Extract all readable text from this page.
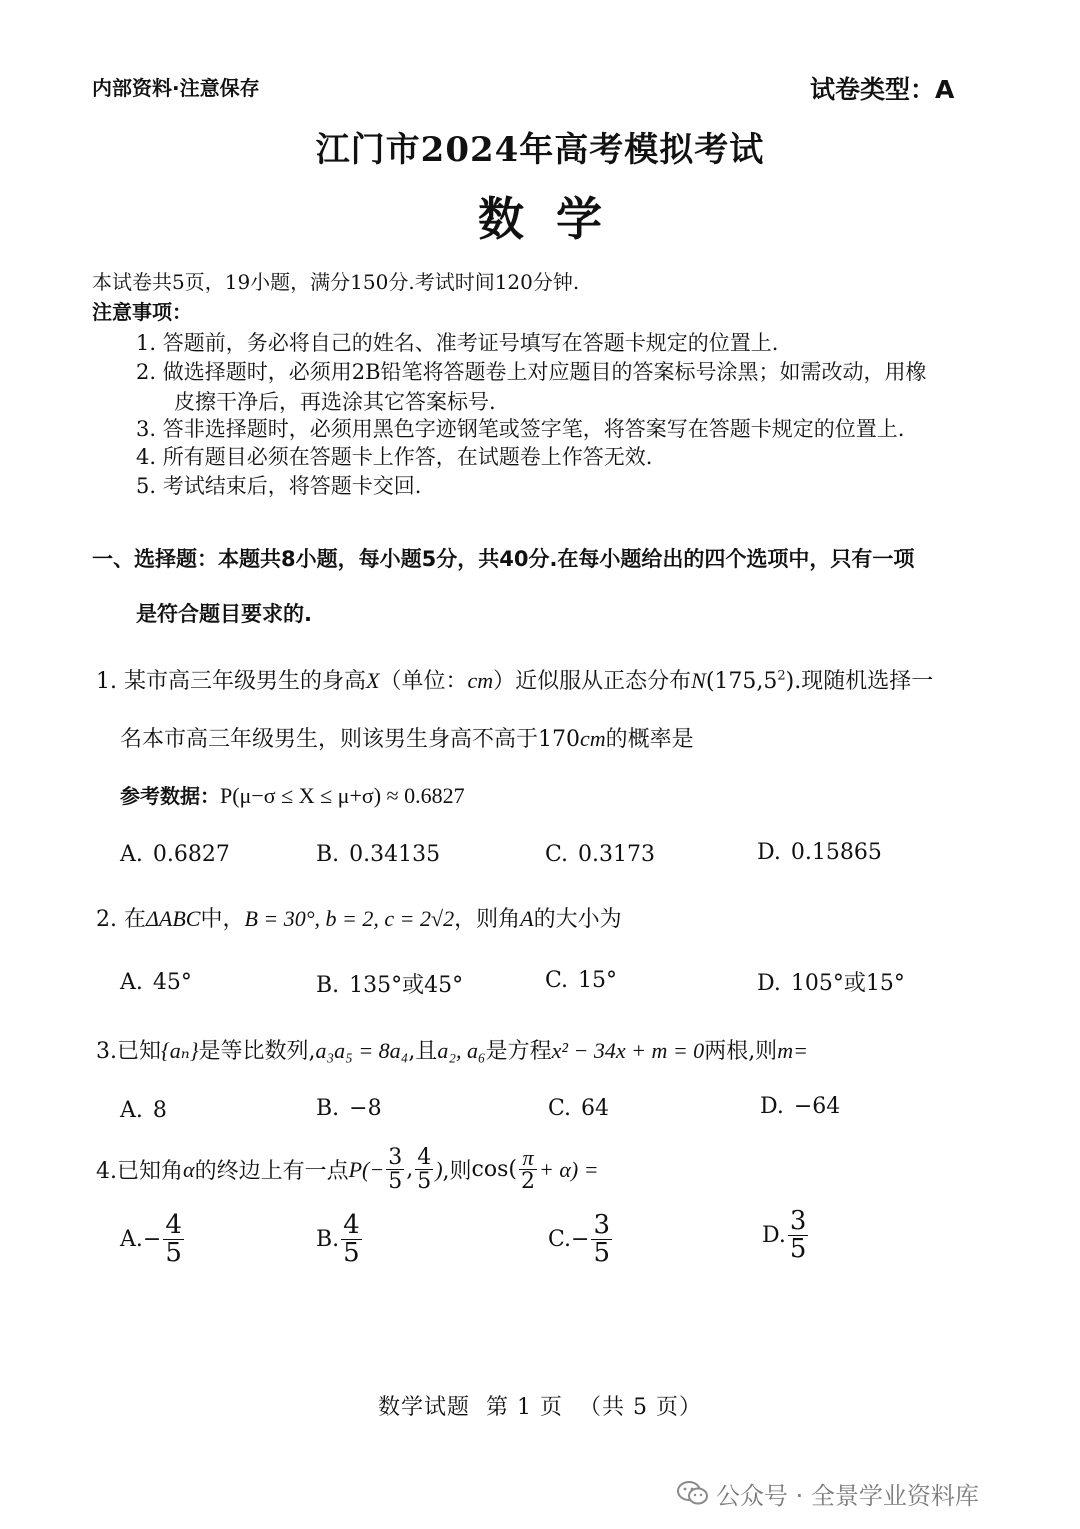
内部资料·注意保存	试卷类型：A
江门市2024年高考模拟考试
数  学
本试卷共5页，19小题，满分150分.考试时间120分钟.
注意事项：
1. 答题前，务必将自己的姓名、准考证号填写在答题卡规定的位置上.
2. 做选择题时，必须用2B铅笔将答题卷上对应题目的答案标号涂黑；如需改动，用橡
皮擦干净后，再选涂其它答案标号.
3. 答非选择题时，必须用黑色字迹钢笔或签字笔，将答案写在答题卡规定的位置上.
4. 所有题目必须在答题卡上作答，在试题卷上作答无效.
5. 考试结束后，将答题卡交回.
一、选择题：本题共8小题，每小题5分，共40分.在每小题给出的四个选项中，只有一项
是符合题目要求的.
1. 某市高三年级男生的身高X（单位：cm）近似服从正态分布N(175,5$^2$).现随机选择一
名本市高三年级男生，则该男生身高不高于170cm的概率是
参考数据：P(μ−σ ≤ X ≤ μ+σ) ≈ 0.6827
A. 0.6827	B. 0.34135	C. 0.3173	D. 0.15865
2. 在ΔABC中，B = 30°, b = 2, c = 2√2，则角A的大小为
A. 45°	B. 135°或45°	C. 15°	D. 105°或15°
3.已知{aₙ}是等比数列,a₃a₅ = 8a₄,且a₂, a₆是方程x² − 34x + m = 0两根,则m=
A. 8	B. −8	C. 64	D. −64
4.已知角 α 的终边上有一点 $P(- \frac{3}{5}$ , $\frac{4}{5}$ ) ,则 $\cos( \frac{\pi}{2} + \alpha)$ =
A. − $\frac{4}{5}$	B. $\frac{4}{5}$	C. − $\frac{3}{5}$	D. $\frac{3}{5}$
数学试题  第 1 页  （共 5 页）
公众号 · 全景学业资料库
